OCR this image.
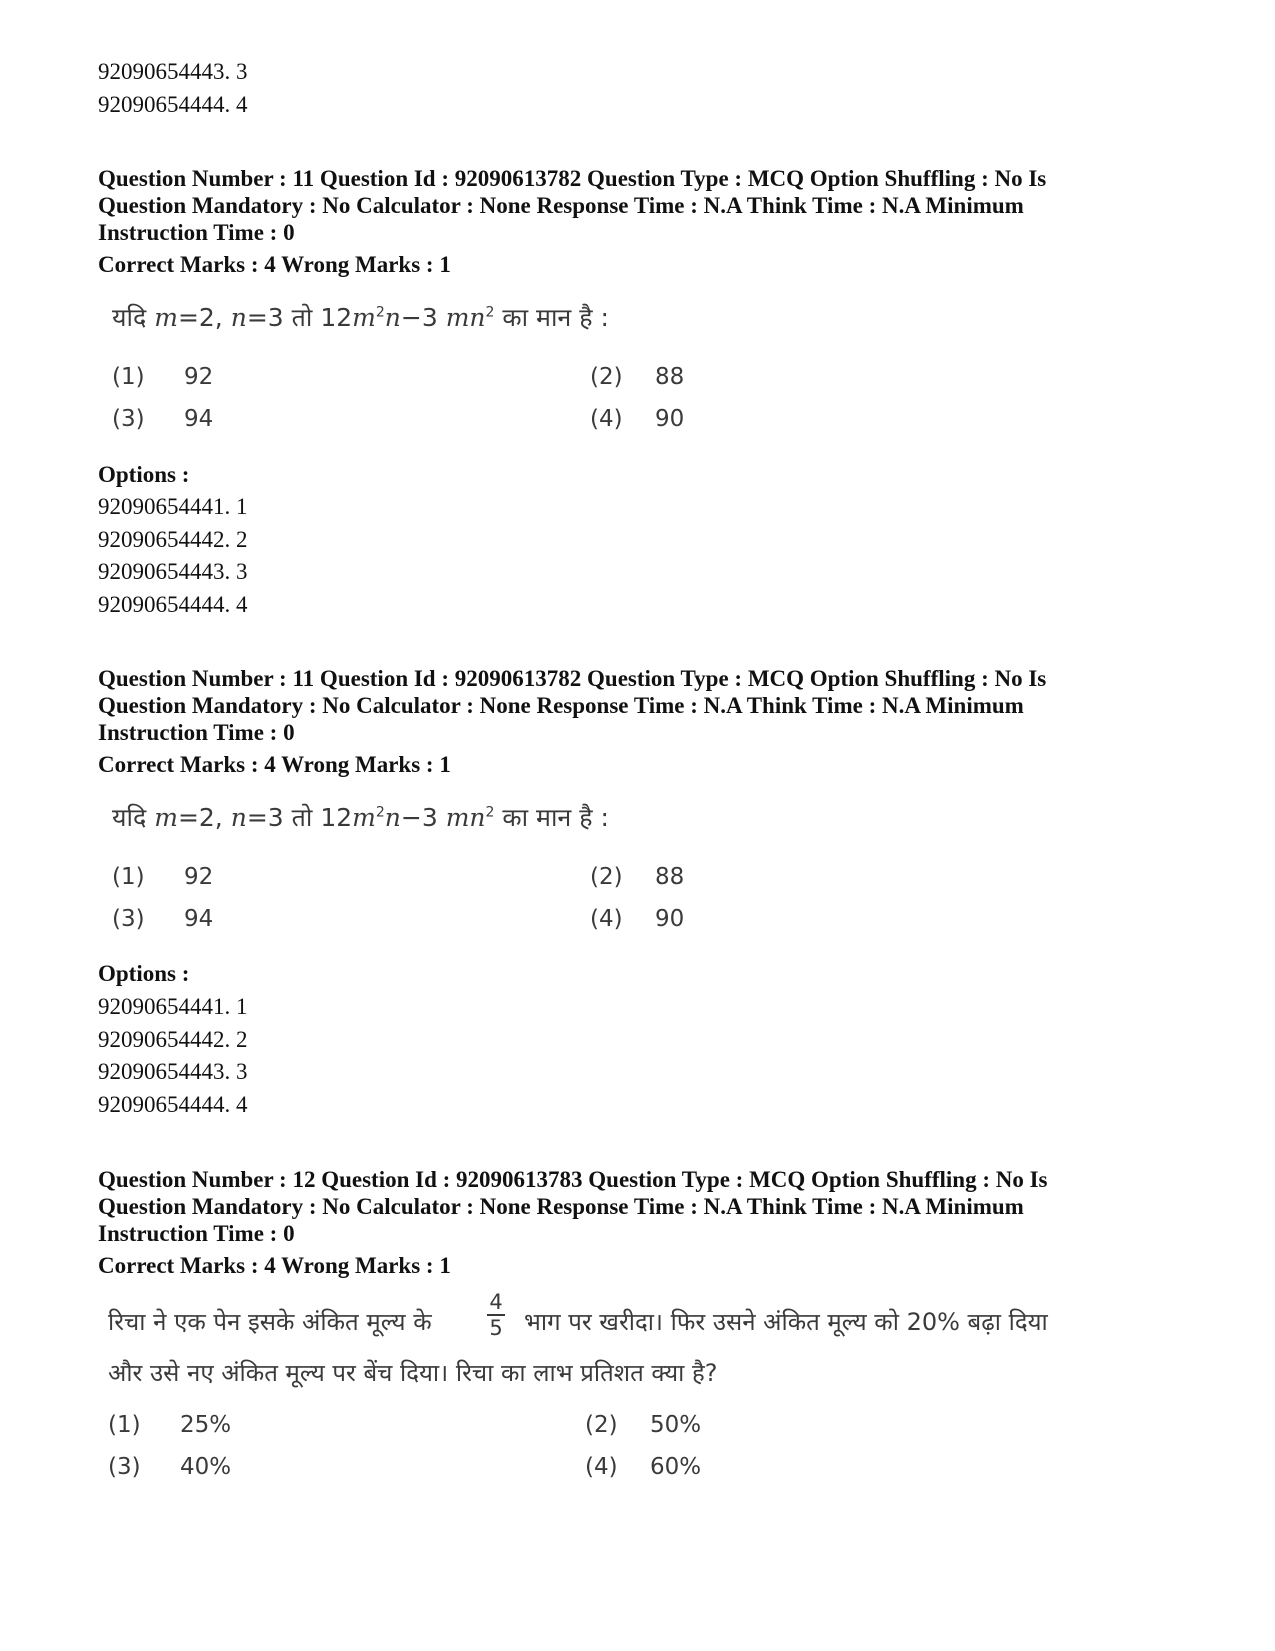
92090654443. 3
92090654444. 4
Question Number : 11 Question Id : 92090613782 Question Type : MCQ Option Shuffling : No Is
Question Mandatory : No Calculator : None Response Time : N.A Think Time : N.A Minimum
Instruction Time : 0
Correct Marks : 4 Wrong Marks : 1
यदि m=2, n=3 तो $12m^2n-3$ $mn^2$ का मान है :
(1) 92	(2) 88
(3) 94	(4) 90
Options :
92090654441. 1
92090654442. 2
92090654443. 3
92090654444. 4
Question Number : 11 Question Id : 92090613782 Question Type : MCQ Option Shuffling : No Is
Question Mandatory : No Calculator : None Response Time : N.A Think Time : N.A Minimum
Instruction Time : 0
Correct Marks : 4 Wrong Marks : 1
यदि m=2, n=3 तो $12m^2n-3$ $mn^2$ का मान है :
(1) 92	(2) 88
(3) 94	(4) 90
Options :
92090654441. 1
92090654442. 2
92090654443. 3
92090654444. 4
Question Number : 12 Question Id : 92090613783 Question Type : MCQ Option Shuffling : No Is
Question Mandatory : No Calculator : None Response Time : N.A Think Time : N.A Minimum
Instruction Time : 0
Correct Marks : 4 Wrong Marks : 1
रिचा ने एक पेन इसके अंकित मूल्य के
4
5 भाग पर खरीदा। फिर उसने अंकित मूल्य को 20% बढ़ा दिया
और उसे नए अंकित मूल्य पर बेंच दिया। रिचा का लाभ प्रतिशत क्या है?
(1) 25%	(2) 50%
(3) 40%	(4) 60%
